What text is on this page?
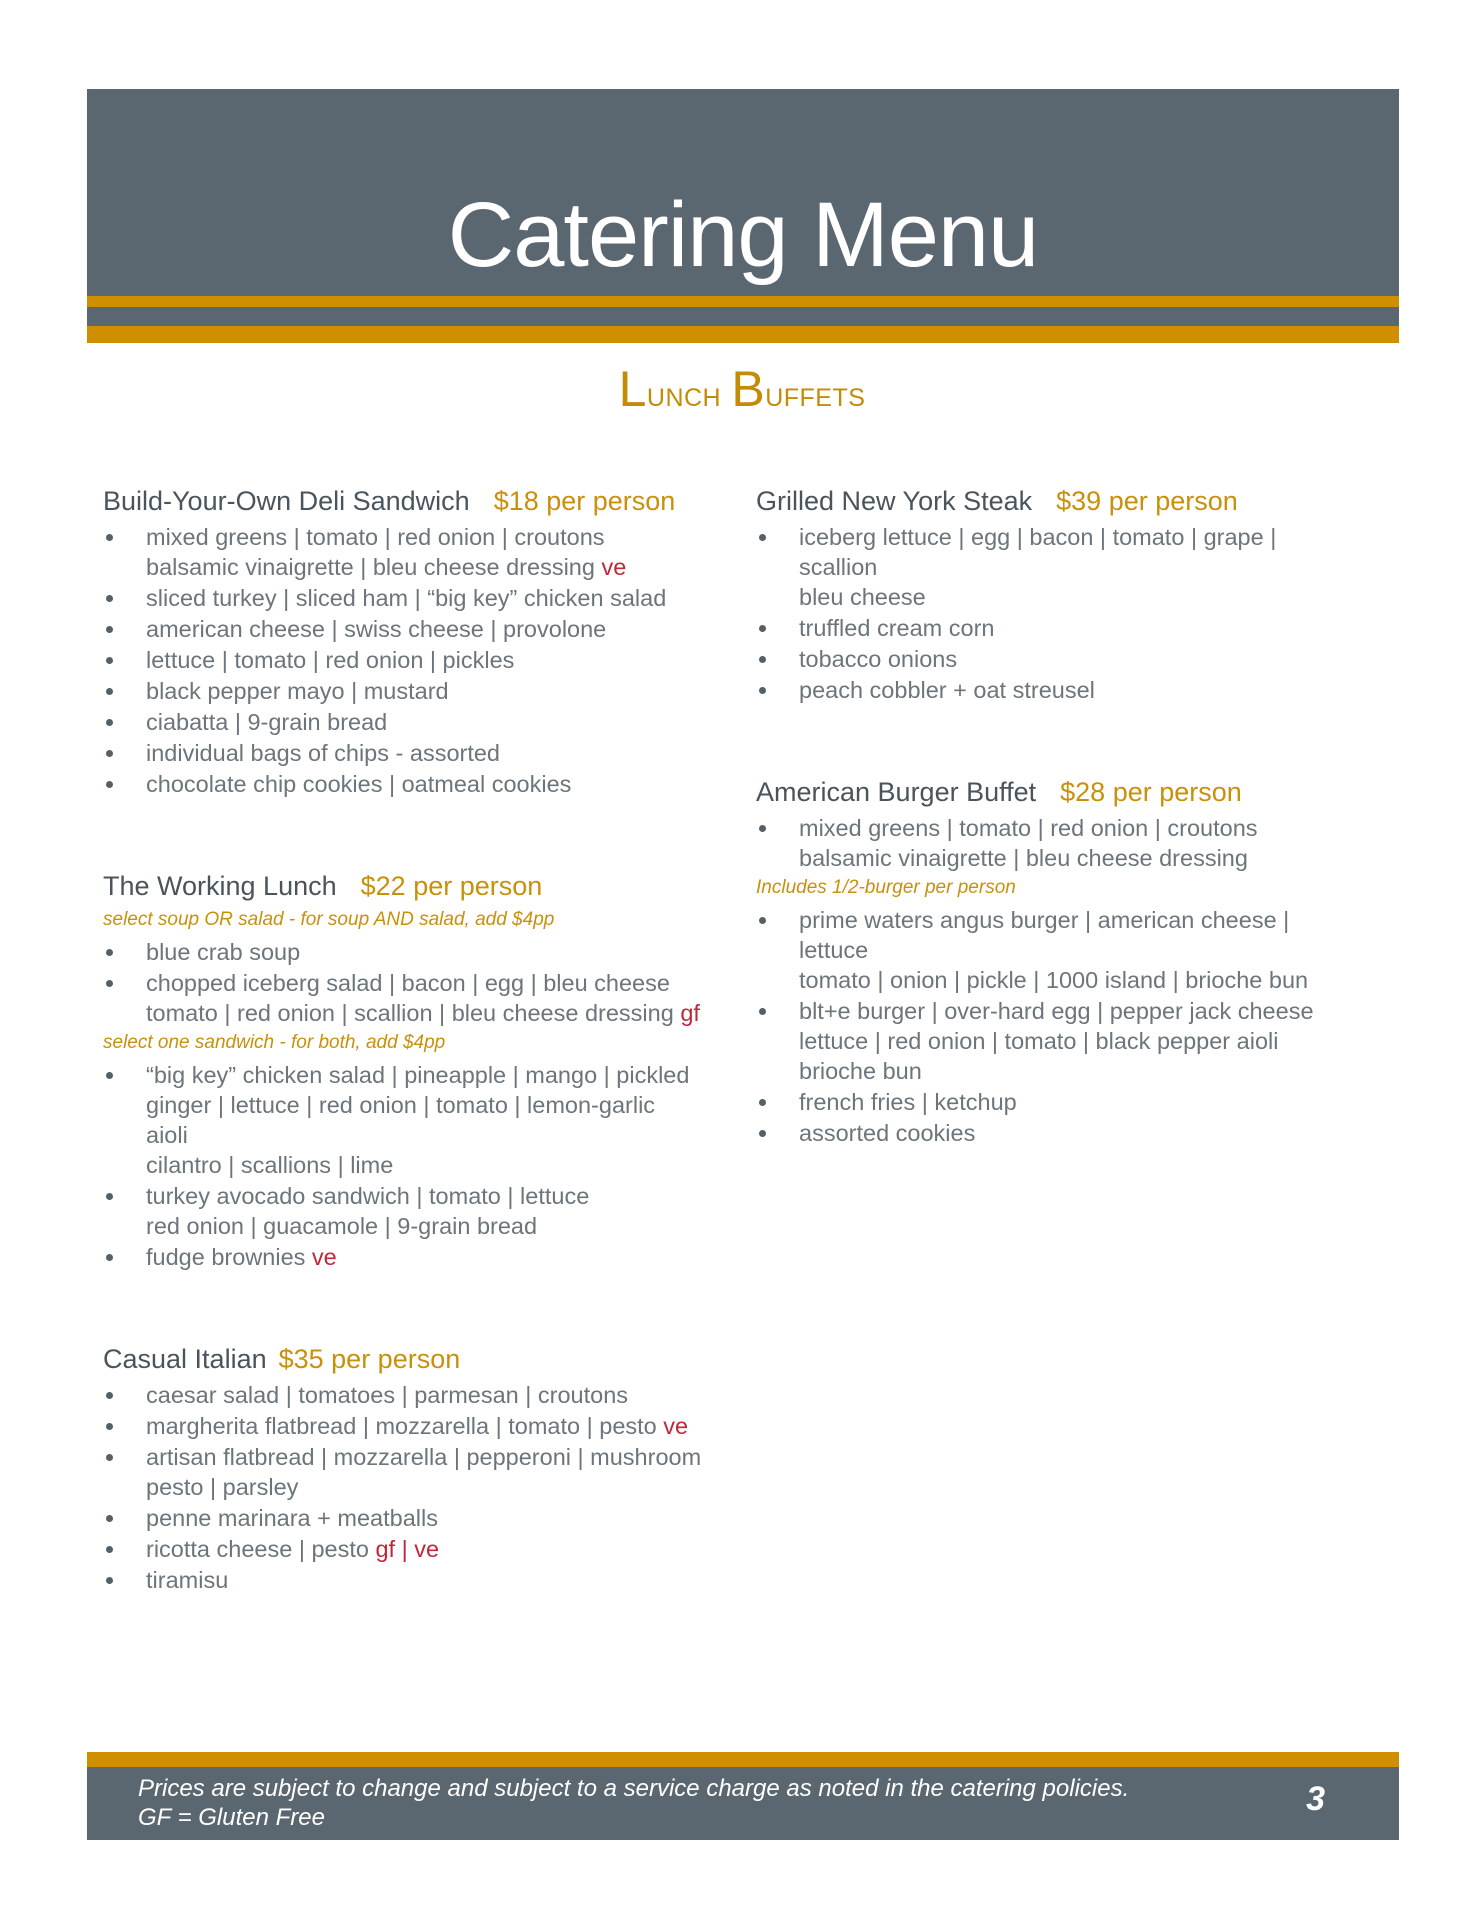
Catering Menu
Lunch Buffets
Build-Your-Own Deli Sandwich $18 per person
mixed greens | tomato | red onion | croutons
balsamic vinaigrette | bleu cheese dressing ve
sliced turkey | sliced ham | “big key” chicken salad
american cheese | swiss cheese | provolone
lettuce | tomato | red onion | pickles
black pepper mayo | mustard
ciabatta | 9-grain bread
individual bags of chips - assorted
chocolate chip cookies | oatmeal cookies
The Working Lunch $22 per person
select soup OR salad - for soup AND salad, add $4pp
blue crab soup
chopped iceberg salad | bacon | egg | bleu cheese
tomato | red onion | scallion | bleu cheese dressing gf
select one sandwich - for both, add $4pp
“big key” chicken salad | pineapple | mango | pickled
ginger | lettuce | red onion | tomato | lemon-garlic aioli
cilantro | scallions | lime
turkey avocado sandwich | tomato | lettuce
red onion | guacamole | 9-grain bread
fudge brownies ve
Casual Italian $35 per person
caesar salad | tomatoes | parmesan | croutons
margherita flatbread | mozzarella | tomato | pesto ve
artisan flatbread | mozzarella | pepperoni | mushroom
pesto | parsley
penne marinara + meatballs
ricotta cheese | pesto gf | ve
tiramisu
Grilled New York Steak $39 per person
iceberg lettuce | egg | bacon | tomato | grape | scallion
bleu cheese
truffled cream corn
tobacco onions
peach cobbler + oat streusel
American Burger Buffet $28 per person
mixed greens | tomato | red onion | croutons
balsamic vinaigrette | bleu cheese dressing
Includes 1/2-burger per person
prime waters angus burger | american cheese | lettuce
tomato | onion | pickle | 1000 island | brioche bun
blt+e burger | over-hard egg | pepper jack cheese
lettuce | red onion | tomato | black pepper aioli
brioche bun
french fries | ketchup
assorted cookies
Prices are subject to change and subject to a service charge as noted in the catering policies.
GF = Gluten Free	3
